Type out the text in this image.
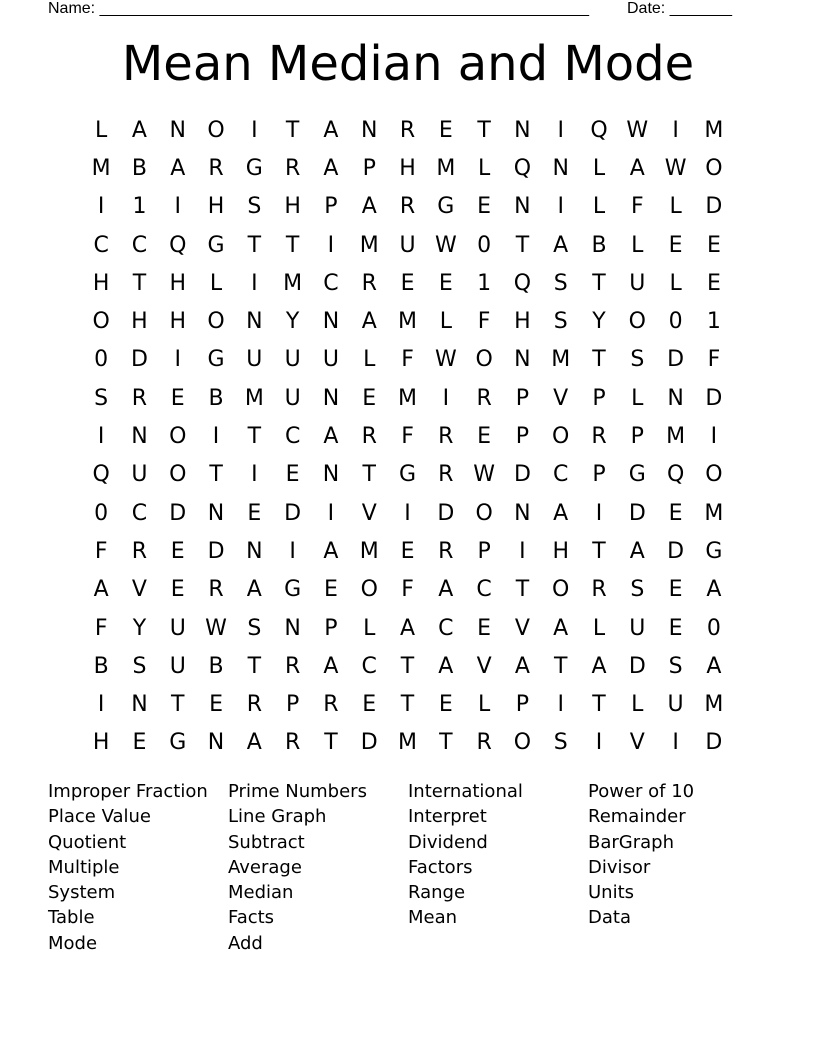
Name: _______________________________________________________ Date: _______
Mean Median and Mode
L	A	N O	I	T	A	N	R	E	T	N	I	Q W	I	M
M B	A	R	G	R	A	P	H M	L	Q N	L	A W O
I	1	I	H	S	H	P	A	R	G	E	N	I	L	F	L	D
C	C Q G	T	T	I	M U W 0	T	A	B	L	E	E
H	T	H	L	I	M C	R	E	E	1	Q	S	T	U	L	E
O H H O N	Y	N	A M	L	F	H	S	Y	O	0	1
0	D	I	G U	U	U	L	F W O N M	T	S	D	F
S	R	E	B M U	N	E M	I	R	P	V	P	L	N D
I	N O	I	T	C	A	R	F	R	E	P	O R	P	M	I
Q U O	T	I	E	N	T	G	R W D	C	P	G Q O
0	C	D N	E	D	I	V	I	D O N	A	I	D	E M
F	R	E	D N	I	A M E	R	P	I	H	T	A	D G
A	V	E	R	A	G	E	O	F	A	C	T	O R	S	E	A
F	Y	U W S	N	P	L	A	C	E	V	A	L	U	E	0
B	S	U	B	T	R	A	C	T	A	V	A	T	A	D	S	A
I	N	T	E	R	P	R	E	T	E	L	P	I	T	L	U M
H	E	G N	A	R	T	D M	T	R O	S	I	V	I	D
Improper Fraction
Place Value
Quotient
Multiple
System
Table
Mode
Prime Numbers
Line Graph
Subtract
Average
Median
Facts
Add
International
Interpret
Dividend
Factors
Range
Mean
Power of 10
Remainder
BarGraph
Divisor
Units
Data
